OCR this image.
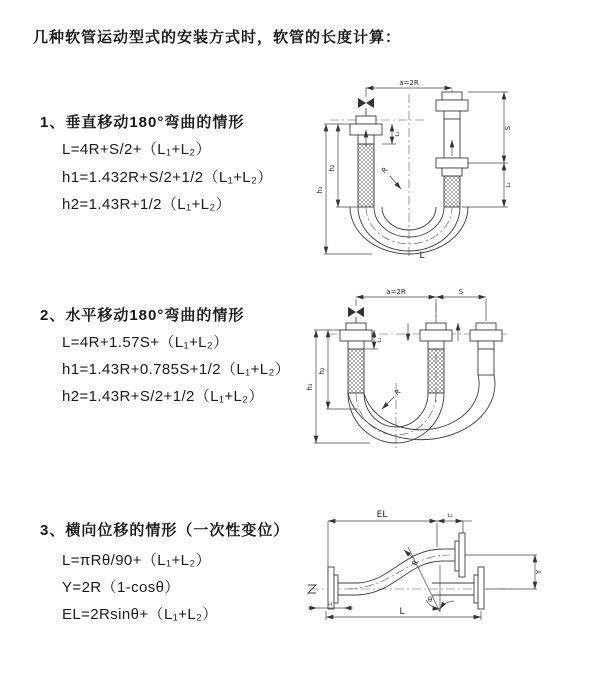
几种软管运动型式的安装方式时，软管的长度计算：
1、垂直移动180°弯曲的情形
L=4R+S/2+（L₁+L₂）
h1=1.432R+S/2+1/2（L₁+L₂）
h2=1.43R+1/2（L₁+L₂）
2、水平移动180°弯曲的情形
L=4R+1.57S+（L₁+L₂）
h1=1.43R+0.785S+1/2（L₁+L₂）
h2=1.43R+S/2+1/2（L₁+L₂）
3、横向位移的情形（一次性变位）
L=πRθ/90+（L₁+L₂）
Y=2R（1-cosθ）
EL=2Rsinθ+（L₁+L₂）
a=2R
h₁
h₂
L₁
S
L₂
R
L
a=2R	S
h₁
h₂
L₁
R
EL	L₂
θ
R
Y
L₁
L
